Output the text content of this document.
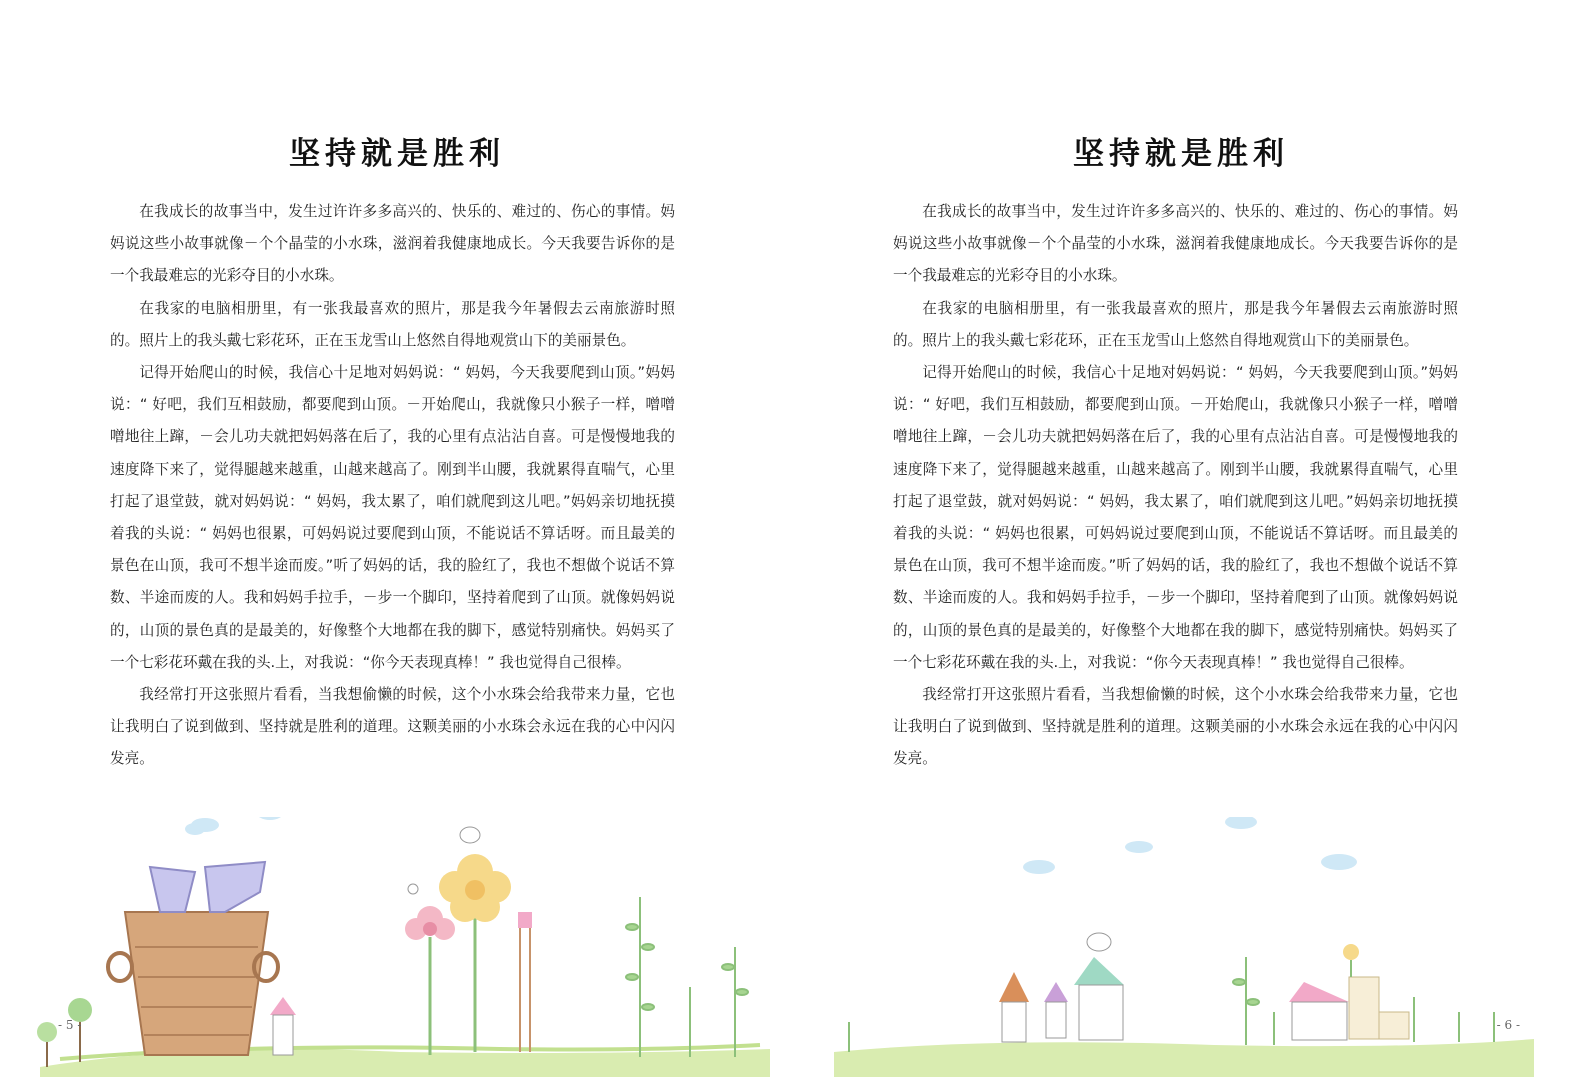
坚持就是胜利

在我成长的故事当中，发生过许许多多高兴的、快乐的、难过的、伤心的事情。妈妈说这些小故事就像－个个晶莹的小水珠，滋润着我健康地成长。今天我要告诉你的是一个我最难忘的光彩夺目的小水珠。

在我家的电脑相册里，有一张我最喜欢的照片，那是我今年暑假去云南旅游时照的。照片上的我头戴七彩花环，正在玉龙雪山上悠然自得地观赏山下的美丽景色。

记得开始爬山的时候，我信心十足地对妈妈说：“ 妈妈，今天我要爬到山顶。”妈妈说：“ 好吧，我们互相鼓励，都要爬到山顶。－开始爬山，我就像只小猴子一样，噌噌噌地往上蹿，－会儿功夫就把妈妈落在后了，我的心里有点沾沾自喜。可是慢慢地我的速度降下来了，觉得腿越来越重，山越来越高了。刚到半山腰，我就累得直喘气，心里打起了退堂鼓，就对妈妈说：“ 妈妈，我太累了，咱们就爬到这儿吧。”妈妈亲切地抚摸着我的头说：“ 妈妈也很累，可妈妈说过要爬到山顶，不能说话不算话呀。而且最美的景色在山顶，我可不想半途而废。”听了妈妈的话，我的脸红了，我也不想做个说话不算数、半途而废的人。我和妈妈手拉手，－步一个脚印，坚持着爬到了山顶。就像妈妈说的，山顶的景色真的是最美的，好像整个大地都在我的脚下，感觉特别痛快。妈妈买了一个七彩花环戴在我的头.上，对我说：“你今天表现真棒！” 我也觉得自己很棒。

我经常打开这张照片看看，当我想偷懒的时候，这个小水珠会给我带来力量，它也让我明白了说到做到、坚持就是胜利的道理。这颗美丽的小水珠会永远在我的心中闪闪发亮。

- 5 -
坚持就是胜利

在我成长的故事当中，发生过许许多多高兴的、快乐的、难过的、伤心的事情。妈妈说这些小故事就像－个个晶莹的小水珠，滋润着我健康地成长。今天我要告诉你的是一个我最难忘的光彩夺目的小水珠。

在我家的电脑相册里，有一张我最喜欢的照片，那是我今年暑假去云南旅游时照的。照片上的我头戴七彩花环，正在玉龙雪山上悠然自得地观赏山下的美丽景色。

记得开始爬山的时候，我信心十足地对妈妈说：“ 妈妈，今天我要爬到山顶。”妈妈说：“ 好吧，我们互相鼓励，都要爬到山顶。－开始爬山，我就像只小猴子一样，噌噌噌地往上蹿，－会儿功夫就把妈妈落在后了，我的心里有点沾沾自喜。可是慢慢地我的速度降下来了，觉得腿越来越重，山越来越高了。刚到半山腰，我就累得直喘气，心里打起了退堂鼓，就对妈妈说：“ 妈妈，我太累了，咱们就爬到这儿吧。”妈妈亲切地抚摸着我的头说：“ 妈妈也很累，可妈妈说过要爬到山顶，不能说话不算话呀。而且最美的景色在山顶，我可不想半途而废。”听了妈妈的话，我的脸红了，我也不想做个说话不算数、半途而废的人。我和妈妈手拉手，－步一个脚印，坚持着爬到了山顶。就像妈妈说的，山顶的景色真的是最美的，好像整个大地都在我的脚下，感觉特别痛快。妈妈买了一个七彩花环戴在我的头.上，对我说：“你今天表现真棒！” 我也觉得自己很棒。

我经常打开这张照片看看，当我想偷懒的时候，这个小水珠会给我带来力量，它也让我明白了说到做到、坚持就是胜利的道理。这颗美丽的小水珠会永远在我的心中闪闪发亮。

- 6 -
